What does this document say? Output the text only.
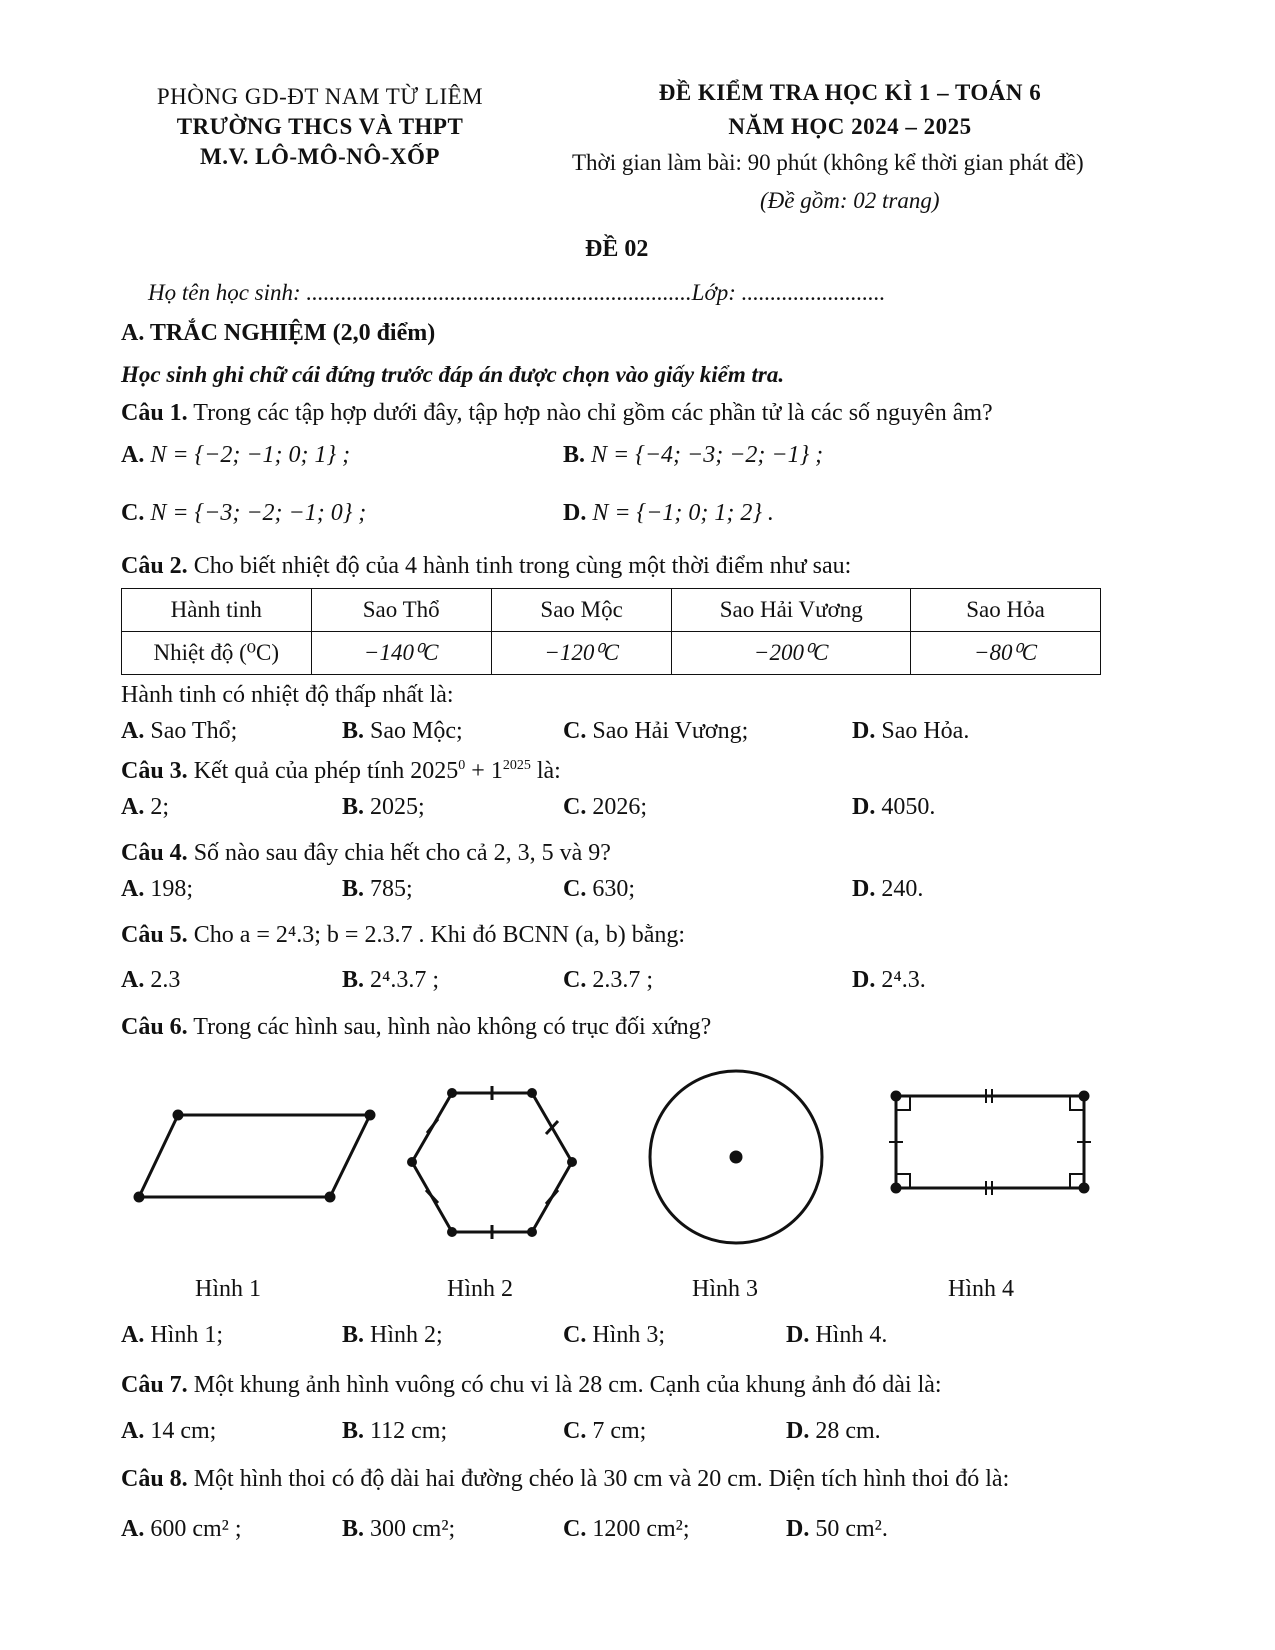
PHÒNG GD-ĐT NAM TỪ LIÊM
TRƯỜNG THCS VÀ THPT
M.V. LÔ-MÔ-NÔ-XỐP
ĐỀ KIỂM TRA HỌC KÌ 1 – TOÁN 6
NĂM HỌC 2024 – 2025
Thời gian làm bài: 90 phút (không kể thời gian phát đề)
(Đề gồm: 02 trang)
ĐỀ 02
Họ tên học sinh: ...................................................................Lớp: .........................
A. TRẮC NGHIỆM (2,0 điểm)
Học sinh ghi chữ cái đứng trước đáp án được chọn vào giấy kiểm tra.
Câu 1. Trong các tập hợp dưới đây, tập hợp nào chỉ gồm các phần tử là các số nguyên âm?
A. N = {−2; −1; 0; 1} ;	B. N = {−4; −3; −2; −1} ;
C. N = {−3; −2; −1; 0} ;	D. N = {−1; 0; 1; 2} .
Câu 2. Cho biết nhiệt độ của 4 hành tinh trong cùng một thời điểm như sau:
Hành tinh	Sao Thổ	Sao Mộc	Sao Hải Vương	Sao Hỏa
Nhiệt độ (⁰C)	−140⁰C	−120⁰C	−200⁰C	−80⁰C
Hành tinh có nhiệt độ thấp nhất là:
A. Sao Thổ;	B. Sao Mộc;	C. Sao Hải Vương;	D. Sao Hỏa.
Câu 3. Kết quả của phép tính $2025^0 + 1^{2025}$ là:
A. 2;	B. 2025;	C. 2026;	D. 4050.
Câu 4. Số nào sau đây chia hết cho cả 2, 3, 5 và 9?
A. 198;	B. 785;	C. 630;	D. 240.
Câu 5. Cho a = 2⁴.3; b = 2.3.7 . Khi đó BCNN (a, b) bằng:
A. 2.3	B. 2⁴.3.7 ;	C. 2.3.7 ;	D. 2⁴.3.
Câu 6. Trong các hình sau, hình nào không có trục đối xứng?
Hình 1	Hình 2	Hình 3	Hình 4
A. Hình 1;	B. Hình 2;	C. Hình 3;	D. Hình 4.
Câu 7. Một khung ảnh hình vuông có chu vi là 28 cm. Cạnh của khung ảnh đó dài là:
A. 14 cm;	B. 112 cm;	C. 7 cm;	D. 28 cm.
Câu 8. Một hình thoi có độ dài hai đường chéo là 30 cm và 20 cm. Diện tích hình thoi đó là:
A. 600 cm² ;	B. 300 cm²;	C. 1200 cm²;	D. 50 cm².
